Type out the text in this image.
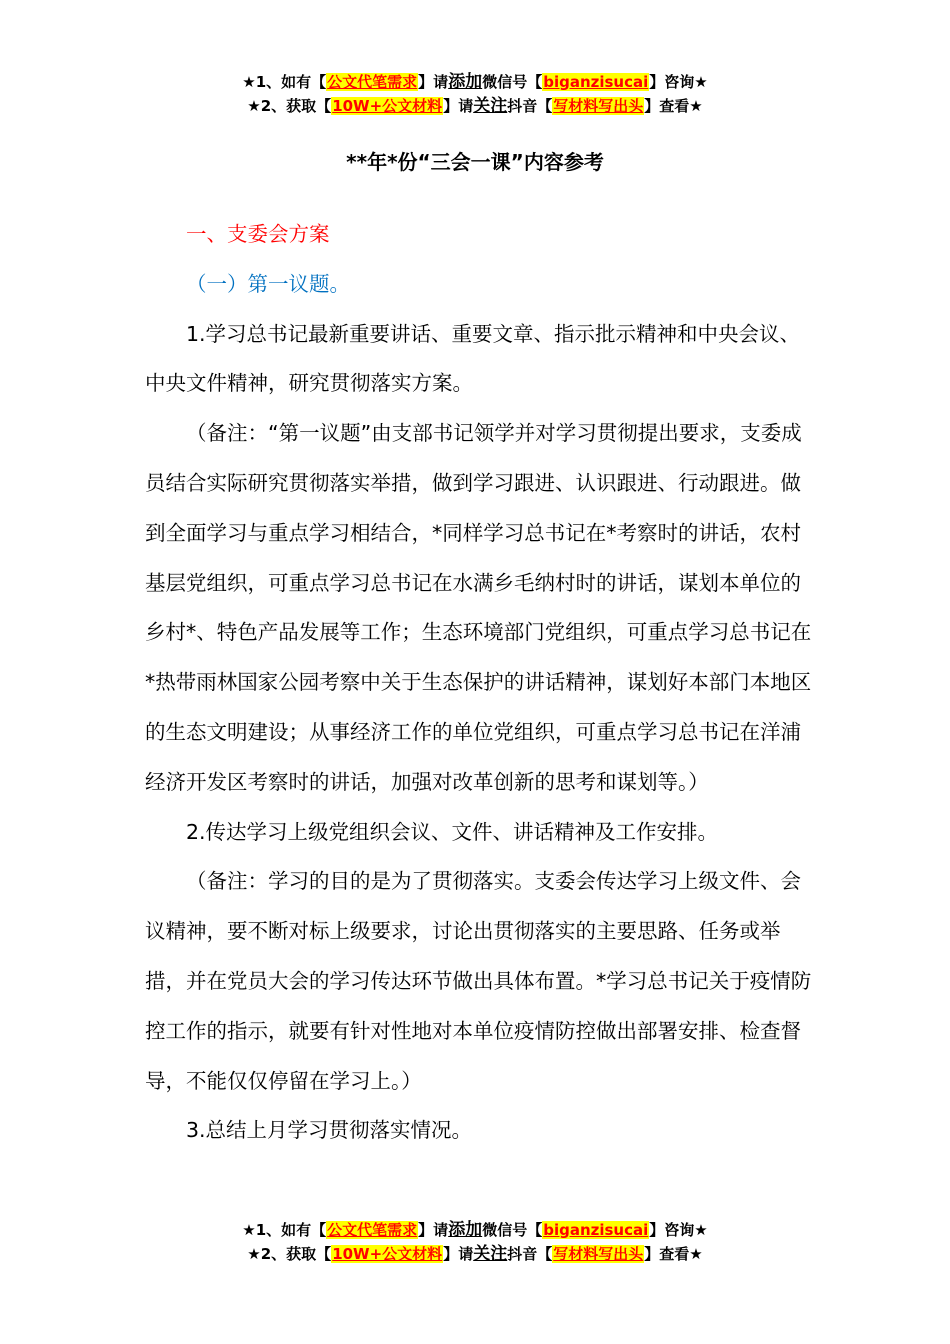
★1、如有【公文代笔需求】请添加微信号【biganzisucai】咨询★
★2、获取【10W+公文材料】请关注抖音【写材料写出头】查看★
**年*份“三会一课”内容参考

一、支委会方案

（一）第一议题。

1.学习总书记最新重要讲话、重要文章、指示批示精神和中央会议、中央文件精神，研究贯彻落实方案。

（备注：“第一议题”由支部书记领学并对学习贯彻提出要求，支委成员结合实际研究贯彻落实举措，做到学习跟进、认识跟进、行动跟进。做到全面学习与重点学习相结合，*同样学习总书记在*考察时的讲话，农村基层党组织，可重点学习总书记在水满乡毛纳村时的讲话，谋划本单位的乡村*、特色产品发展等工作；生态环境部门党组织，可重点学习总书记在*热带雨林国家公园考察中关于生态保护的讲话精神，谋划好本部门本地区的生态文明建设；从事经济工作的单位党组织，可重点学习总书记在洋浦经济开发区考察时的讲话，加强对改革创新的思考和谋划等。）

2.传达学习上级党组织会议、文件、讲话精神及工作安排。

（备注：学习的目的是为了贯彻落实。支委会传达学习上级文件、会议精神，要不断对标上级要求，讨论出贯彻落实的主要思路、任务或举措，并在党员大会的学习传达环节做出具体布置。*学习总书记关于疫情防控工作的指示，就要有针对性地对本单位疫情防控做出部署安排、检查督导，不能仅仅停留在学习上。）

3.总结上月学习贯彻落实情况。

★1、如有【公文代笔需求】请添加微信号【biganzisucai】咨询★
★2、获取【10W+公文材料】请关注抖音【写材料写出头】查看★
